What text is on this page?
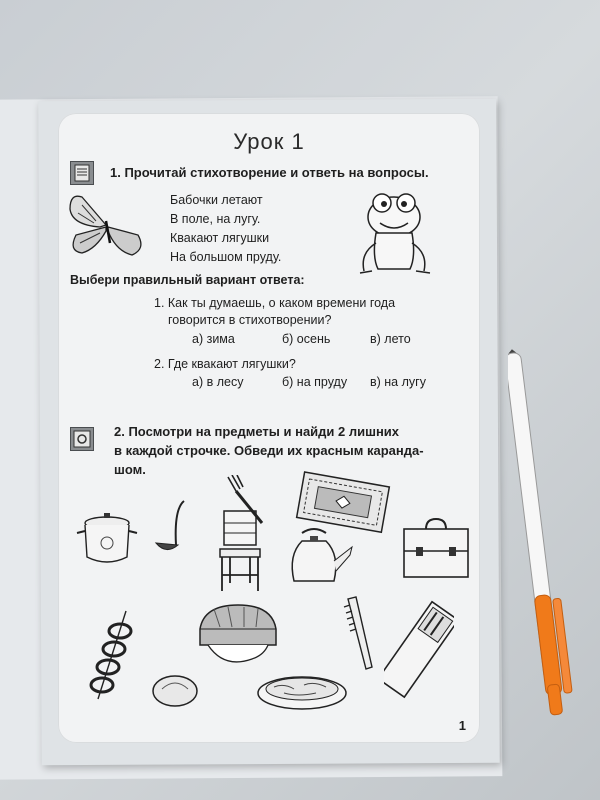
Урок 1
1. Прочитай стихотворение и ответь на вопросы.
Бабочки летают
В поле, на лугу.
Квакают лягушки
На большом пруду.
Выбери правильный вариант ответа:
1. Как ты думаешь, о каком времени года
говорится в стихотворении?
а) зима	б) осень	в) лето
2. Где квакают лягушки?
а) в лесу	б) на пруду в) на лугу
2. Посмотри на предметы и найди 2 лишних
в каждой строчке. Обведи их красным каранда-
шом.
1
